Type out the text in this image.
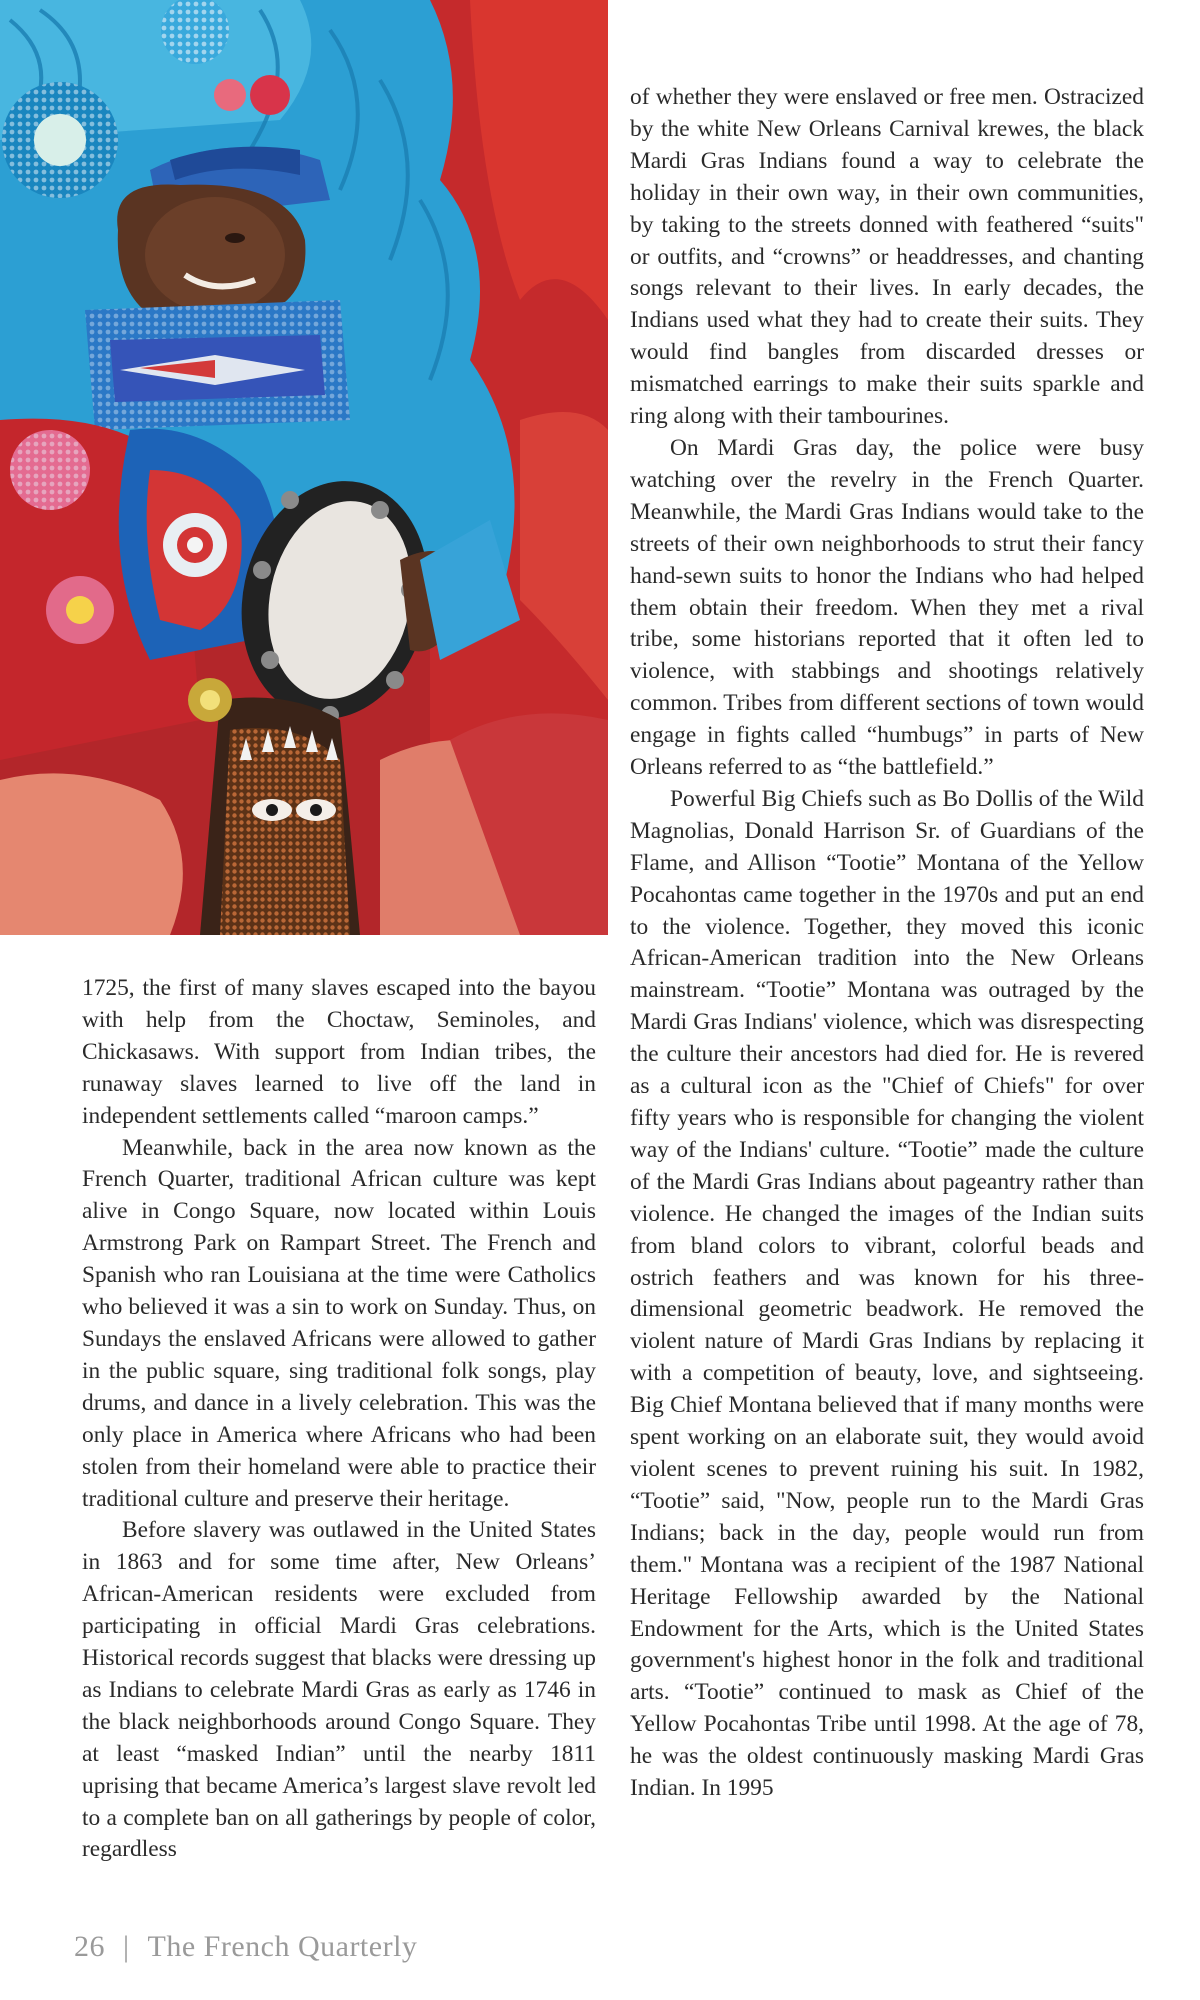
1725, the first of many slaves escaped into the bayou with help from the Choctaw, Seminoles, and Chickasaws. With support from Indian tribes, the runaway slaves learned to live off the land in independent settlements called “maroon camps.”

Meanwhile, back in the area now known as the French Quarter, traditional African culture was kept alive in Congo Square, now located within Louis Armstrong Park on Rampart Street. The French and Spanish who ran Louisiana at the time were Catholics who believed it was a sin to work on Sunday. Thus, on Sundays the enslaved Africans were allowed to gather in the public square, sing traditional folk songs, play drums, and dance in a lively celebration. This was the only place in America where Africans who had been stolen from their homeland were able to practice their traditional culture and preserve their heritage.

Before slavery was outlawed in the United States in 1863 and for some time after, New Orleans’ African-American residents were excluded from participating in official Mardi Gras celebrations. Historical records suggest that blacks were dressing up as Indians to celebrate Mardi Gras as early as 1746 in the black neighborhoods around Congo Square. They at least “masked Indian” until the nearby 1811 uprising that became America’s largest slave revolt led to a complete ban on all gatherings by people of color, regardless

of whether they were enslaved or free men. Ostracized by the white New Orleans Carnival krewes, the black Mardi Gras Indians found a way to celebrate the holiday in their own way, in their own communities, by taking to the streets donned with feathered “suits" or outfits, and “crowns” or headdresses, and chanting songs relevant to their lives. In early decades, the Indians used what they had to create their suits. They would find bangles from discarded dresses or mismatched earrings to make their suits sparkle and ring along with their tambourines.

On Mardi Gras day, the police were busy watching over the revelry in the French Quarter. Meanwhile, the Mardi Gras Indians would take to the streets of their own neighborhoods to strut their fancy hand-sewn suits to honor the Indians who had helped them obtain their freedom. When they met a rival tribe, some historians reported that it often led to violence, with stabbings and shootings relatively common. Tribes from different sections of town would engage in fights called “humbugs” in parts of New Orleans referred to as “the battlefield.”

Powerful Big Chiefs such as Bo Dollis of the Wild Magnolias, Donald Harrison Sr. of Guardians of the Flame, and Allison “Tootie” Montana of the Yellow Pocahontas came together in the 1970s and put an end to the violence. Together, they moved this iconic African-American tradition into the New Orleans mainstream. “Tootie” Montana was outraged by the Mardi Gras Indians' violence, which was disrespecting the culture their ancestors had died for. He is revered as a cultural icon as the "Chief of Chiefs" for over fifty years who is responsible for changing the violent way of the Indians' culture. “Tootie” made the culture of the Mardi Gras Indians about pageantry rather than violence. He changed the images of the Indian suits from bland colors to vibrant, colorful beads and ostrich feathers and was known for his three-dimensional geometric beadwork. He removed the violent nature of Mardi Gras Indians by replacing it with a competition of beauty, love, and sightseeing. Big Chief Montana believed that if many months were spent working on an elaborate suit, they would avoid violent scenes to prevent ruining his suit. In 1982, “Tootie” said, "Now, people run to the Mardi Gras Indians; back in the day, people would run from them." Montana was a recipient of the 1987 National Heritage Fellowship awarded by the National Endowment for the Arts, which is the United States government's highest honor in the folk and traditional arts. “Tootie” continued to mask as Chief of the Yellow Pocahontas Tribe until 1998. At the age of 78, he was the oldest continuously masking Mardi Gras Indian. In 1995

26 | The French Quarterly
